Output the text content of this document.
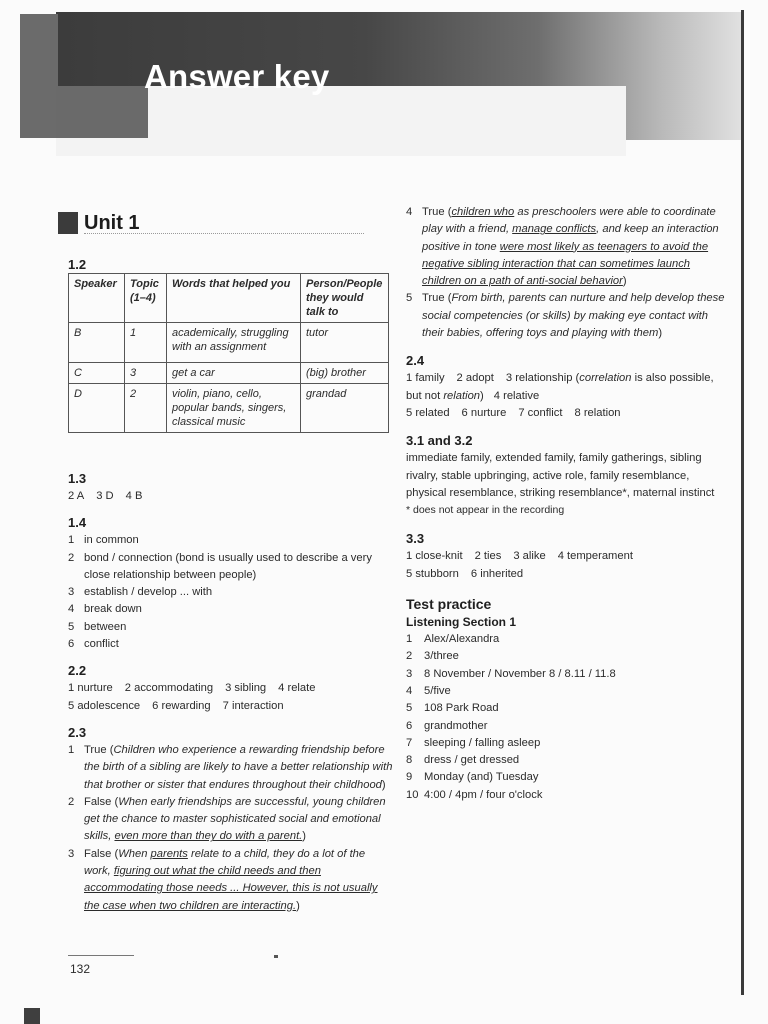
Answer key
Unit 1
1.2
Speaker	Topic (1–4)	Words that helped you	Person/People they would talk to
B	1	academically, struggling with an assignment	tutor
C	3	get a car	(big) brother
D	2	violin, piano, cello, popular bands, singers, classical music	grandad
1.3
2 A 3 D 4 B
1.4
1 in common
2 bond / connection (bond is usually used to describe a very close relationship between people)
3 establish / develop ... with
4 break down
5 between
6 conflict
2.2
1 nurture 2 accommodating 3 sibling 4 relate
5 adolescence 6 rewarding 7 interaction
2.3
1 True (Children who experience a rewarding friendship before the birth of a sibling are likely to have a better relationship with that brother or sister that endures throughout their childhood)
2 False (When early friendships are successful, young children get the chance to master sophisticated social and emotional skills, even more than they do with a parent.)
3 False (When parents relate to a child, they do a lot of the work, figuring out what the child needs and then accommodating those needs ... However, this is not usually the case when two children are interacting.)
4 True (children who as preschoolers were able to coordinate play with a friend, manage conflicts, and keep an interaction positive in tone were most likely as teenagers to avoid the negative sibling interaction that can sometimes launch children on a path of anti-social behavior)
5 True (From birth, parents can nurture and help develop these social competencies (or skills) by making eye contact with their babies, offering toys and playing with them)
2.4
1 family 2 adopt 3 relationship (correlation is also possible, but not relation) 4 relative
5 related 6 nurture 7 conflict 8 relation
3.1 and 3.2
immediate family, extended family, family gatherings, sibling rivalry, stable upbringing, active role, family resemblance, physical resemblance, striking resemblance*, maternal instinct
* does not appear in the recording
3.3
1 close-knit 2 ties 3 alike 4 temperament
5 stubborn 6 inherited
Test practice
Listening Section 1
1	Alex/Alexandra
2	3/three
3	8 November / November 8 / 8.11 / 11.8
4	5/five
5	108 Park Road
6	grandmother
7	sleeping / falling asleep
8	dress / get dressed
9	Monday (and) Tuesday
10 4:00 / 4pm / four o'clock
132
